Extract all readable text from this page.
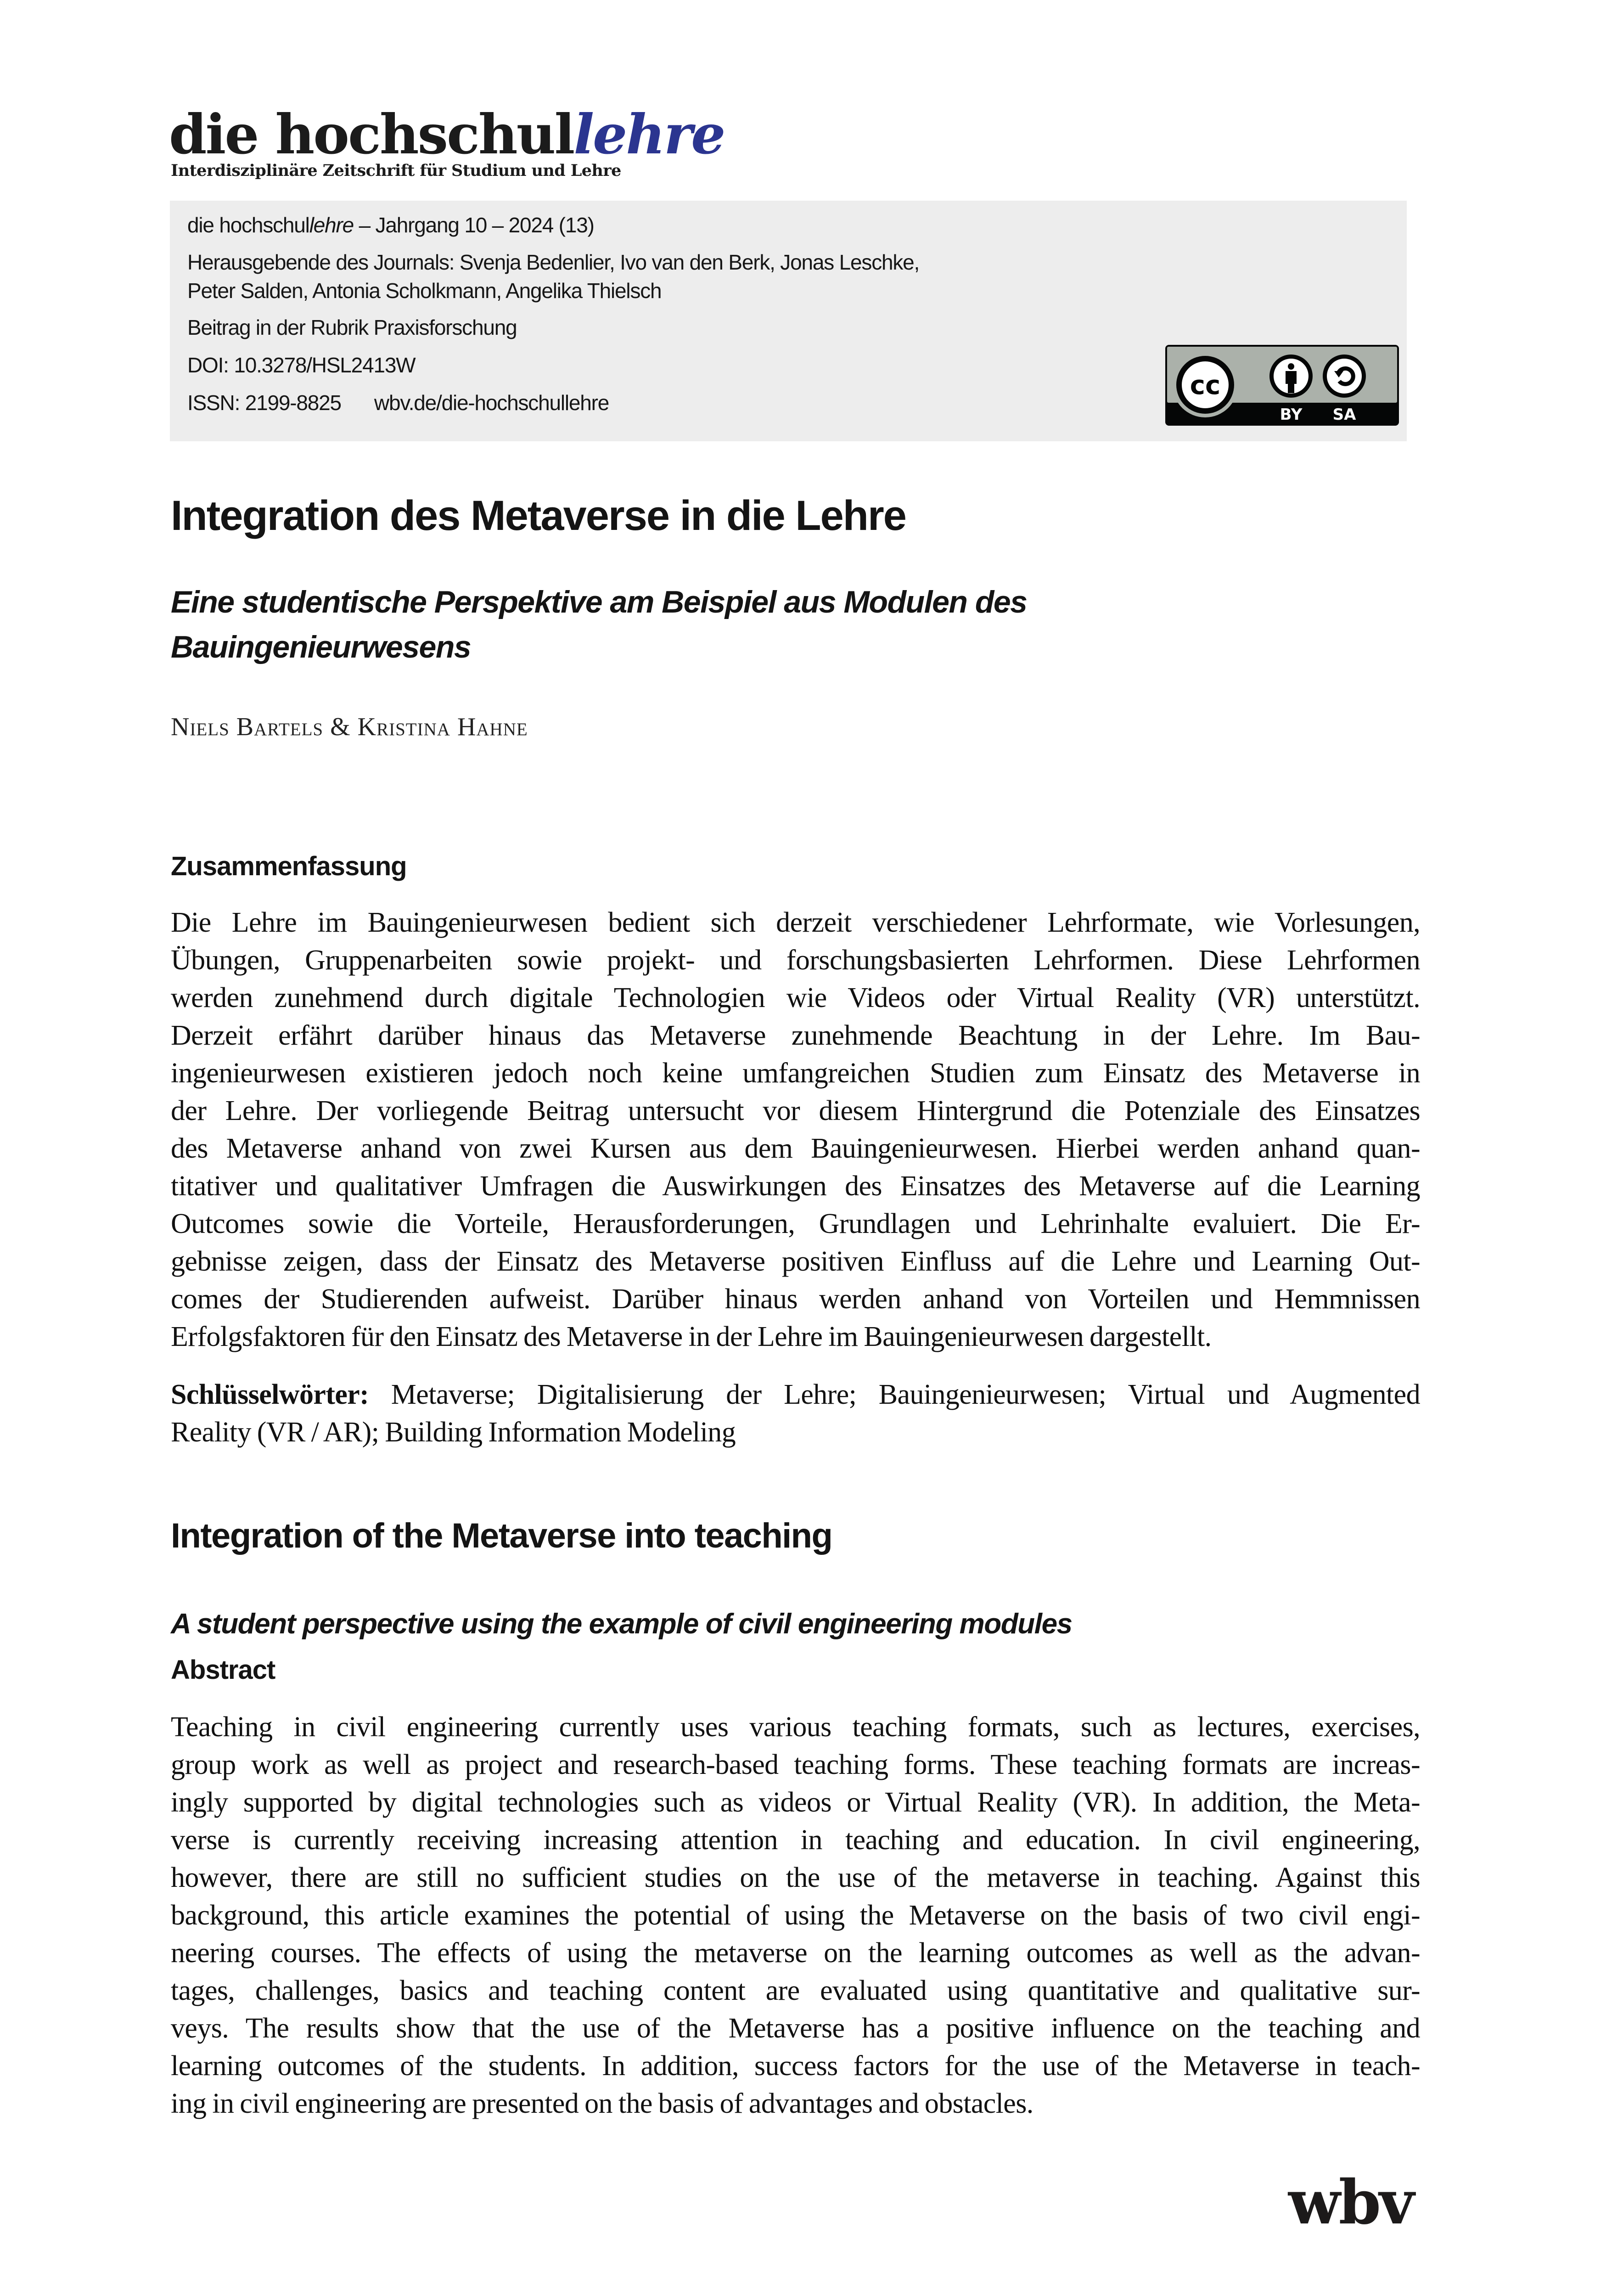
die hochschullehre
Interdisziplinäre Zeitschrift für Studium und Lehre
die hochschullehre – Jahrgang 10 – 2024 (13)
Herausgebende des Journals: Svenja Bedenlier, Ivo van den Berk, Jonas Leschke,
Peter Salden, Antonia Scholkmann, Angelika Thielsch
Beitrag in der Rubrik Praxisforschung
DOI: 10.3278/HSL2413W
ISSN: 2199-8825 wbv.de/die-hochschullehre
cc
BY SA
Integration des Metaverse in die Lehre
Eine studentische Perspektive am Beispiel aus Modulen des
Bauingenieurwesens
Niels Bartels & Kristina Hahne
Zusammenfassung
Die Lehre im Bauingenieurwesen bedient sich derzeit verschiedener Lehrformate, wie Vorlesungen,
Übungen, Gruppenarbeiten sowie projekt- und forschungsbasierten Lehrformen. Diese Lehrformen
werden zunehmend durch digitale Technologien wie Videos oder Virtual Reality (VR) unterstützt.
Derzeit erfährt darüber hinaus das Metaverse zunehmende Beachtung in der Lehre. Im Bau-
ingenieurwesen existieren jedoch noch keine umfangreichen Studien zum Einsatz des Metaverse in
der Lehre. Der vorliegende Beitrag untersucht vor diesem Hintergrund die Potenziale des Einsatzes
des Metaverse anhand von zwei Kursen aus dem Bauingenieurwesen. Hierbei werden anhand quan-
titativer und qualitativer Umfragen die Auswirkungen des Einsatzes des Metaverse auf die Learning
Outcomes sowie die Vorteile, Herausforderungen, Grundlagen und Lehrinhalte evaluiert. Die Er-
gebnisse zeigen, dass der Einsatz des Metaverse positiven Einfluss auf die Lehre und Learning Out-
comes der Studierenden aufweist. Darüber hinaus werden anhand von Vorteilen und Hemmnissen
Erfolgsfaktoren für den Einsatz des Metaverse in der Lehre im Bauingenieurwesen dargestellt.
Schlüsselwörter: Metaverse; Digitalisierung der Lehre; Bauingenieurwesen; Virtual und Augmented
Reality (VR / AR); Building Information Modeling
Integration of the Metaverse into teaching
A student perspective using the example of civil engineering modules
Abstract
Teaching in civil engineering currently uses various teaching formats, such as lectures, exercises,
group work as well as project and research-based teaching forms. These teaching formats are increas-
ingly supported by digital technologies such as videos or Virtual Reality (VR). In addition, the Meta-
verse is currently receiving increasing attention in teaching and education. In civil engineering,
however, there are still no sufficient studies on the use of the metaverse in teaching. Against this
background, this article examines the potential of using the Metaverse on the basis of two civil engi-
neering courses. The effects of using the metaverse on the learning outcomes as well as the advan-
tages, challenges, basics and teaching content are evaluated using quantitative and qualitative sur-
veys. The results show that the use of the Metaverse has a positive influence on the teaching and
learning outcomes of the students. In addition, success factors for the use of the Metaverse in teach-
ing in civil engineering are presented on the basis of advantages and obstacles.
wbv
